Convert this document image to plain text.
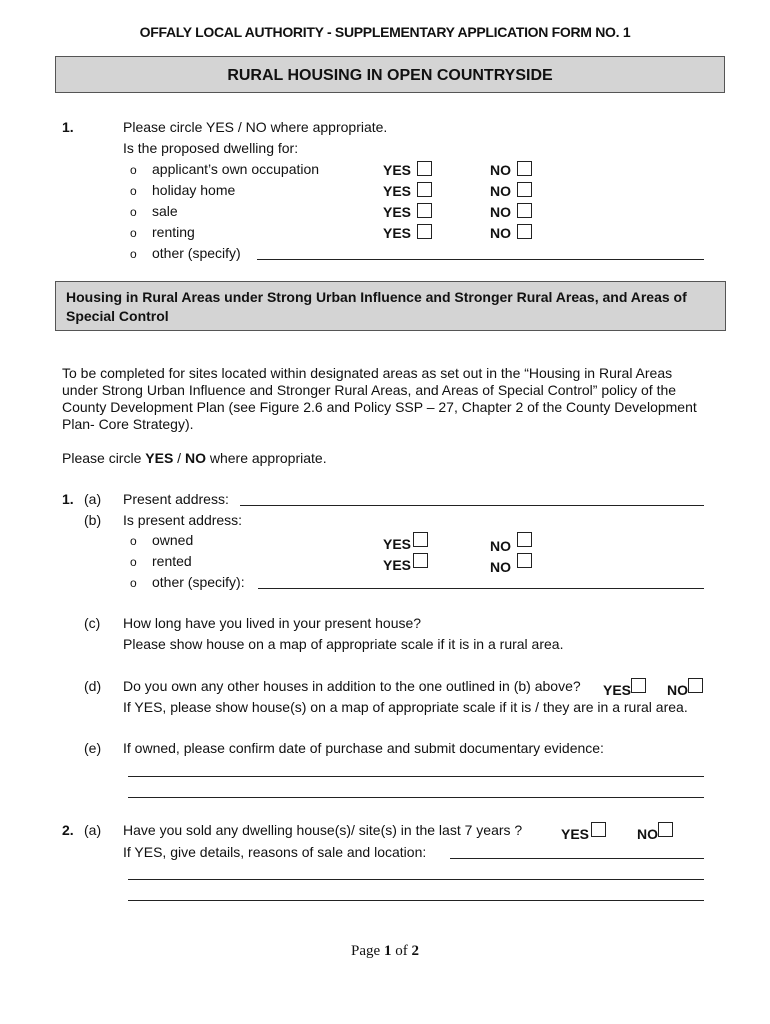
OFFALY LOCAL AUTHORITY - SUPPLEMENTARY APPLICATION FORM NO. 1
RURAL HOUSING IN OPEN COUNTRYSIDE
1.	Please circle YES / NO where appropriate.
Is the proposed dwelling for:
o applicant’s own occupation	YES	NO
o holiday home	YES	NO
o sale	YES	NO
o renting	YES	NO
o other (specify)
Housing in Rural Areas under Strong Urban Influence and Stronger Rural Areas, and Areas of Special Control
To be completed for sites located within designated areas as set out in the “Housing in Rural Areas under Strong Urban Influence and Stronger Rural Areas, and Areas of Special Control” policy of the County Development Plan (see Figure 2.6 and Policy SSP – 27, Chapter 2 of the County Development Plan- Core Strategy).
Please circle YES / NO where appropriate.
1. (a) Present address:
(b) Is present address:
o owned	YES	NO
o rented	YES	NO
o other (specify):
(c) How long have you lived in your present house?
Please show house on a map of appropriate scale if it is in a rural area.
(d) Do you own any other houses in addition to the one outlined in (b) above? YES	NO
If YES, please show house(s) on a map of appropriate scale if it is / they are in a rural area.
(e) If owned, please confirm date of purchase and submit documentary evidence:
2. (a) Have you sold any dwelling house(s)/ site(s) in the last 7 years ?	YES	NO
If YES, give details, reasons of sale and location:
Page 1 of 2
